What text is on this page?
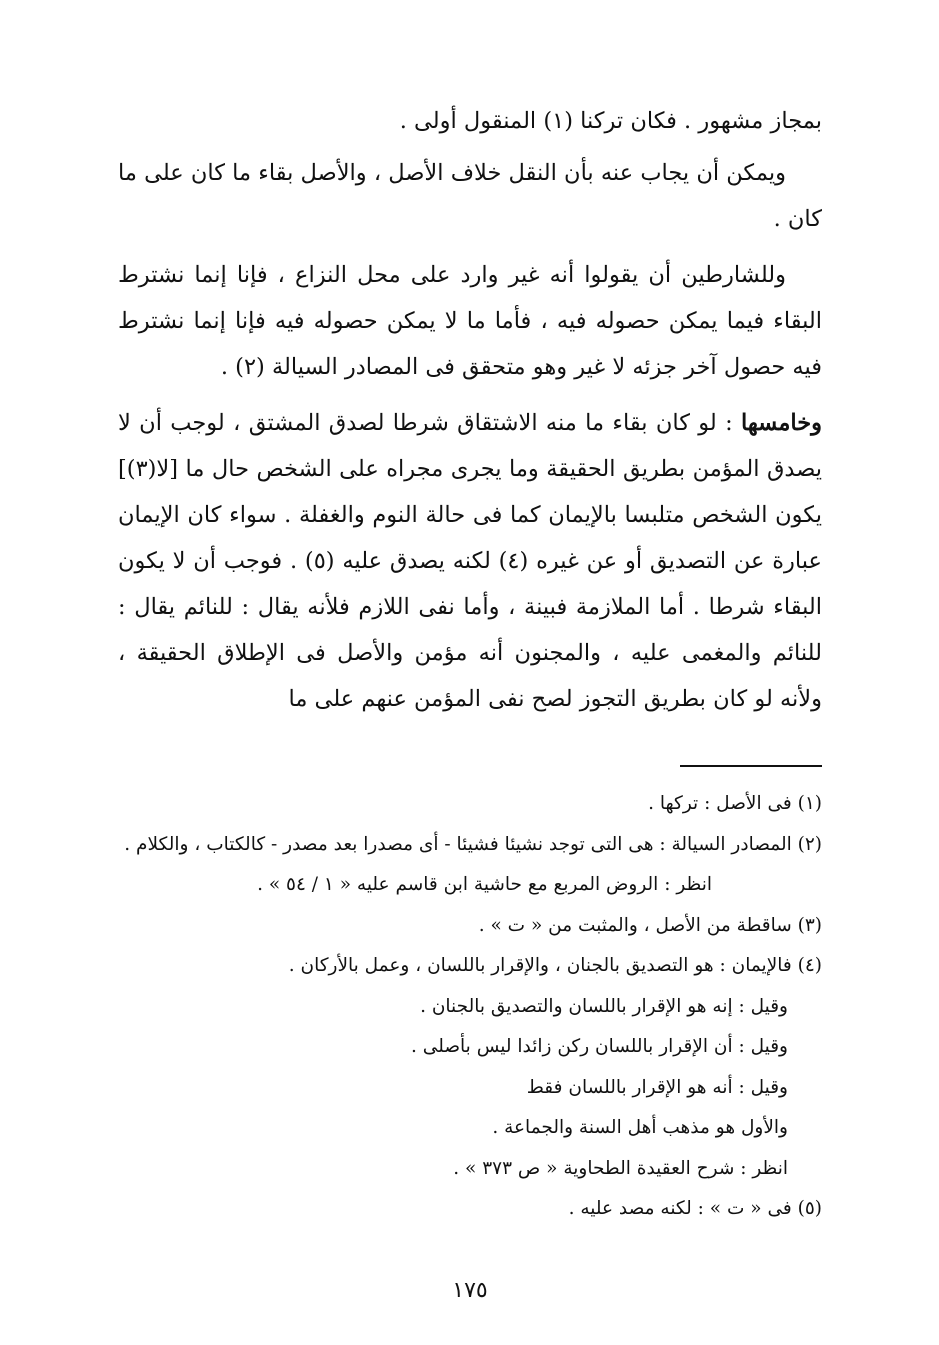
بمجاز مشهور . فكان تركنا (١) المنقول أولى .

ويمكن أن يجاب عنه بأن النقل خلاف الأصل ، والأصل بقاء ما كان على ما كان .

وللشارطين أن يقولوا أنه غير وارد على محل النزاع ، فإنا إنما نشترط البقاء فيما يمكن حصوله فيه ، فأما ما لا يمكن حصوله فيه فإنا إنما نشترط فيه حصول آخر جزئه لا غير وهو متحقق فى المصادر السيالة (٢) .

وخامسها : لو كان بقاء ما منه الاشتقاق شرطا لصدق المشتق ، لوجب أن لا يصدق المؤمن بطريق الحقيقة وما يجرى مجراه على الشخص حال ما [لا(٣)] يكون الشخص متلبسا بالإيمان كما فى حالة النوم والغفلة . سواء كان الإيمان عبارة عن التصديق أو عن غيره (٤) لكنه يصدق عليه (٥) . فوجب أن لا يكون البقاء شرطا . أما الملازمة فبينة ، وأما نفى اللازم فلأنه يقال : للنائم يقال : للنائم والمغمى عليه ، والمجنون أنه مؤمن والأصل فى الإطلاق الحقيقة ، ولأنه لو كان بطريق التجوز لصح نفى المؤمن عنهم على ما

(١) فى الأصل : تركها .
(٢) المصادر السيالة : هى التى توجد نشيئا فشيئا - أى مصدرا بعد مصدر - كالكتاب ، والكلام .
انظر : الروض المربع مع حاشية ابن قاسم عليه « ١ / ٥٤ » .
(٣) ساقطة من الأصل ، والمثبت من « ت » .
(٤) فالإيمان : هو التصديق بالجنان ، والإقرار باللسان ، وعمل بالأركان .
وقيل : إنه هو الإقرار باللسان والتصديق بالجنان .
وقيل : أن الإقرار باللسان ركن زائدا ليس بأصلى .
وقيل : أنه هو الإقرار باللسان فقط
والأول هو مذهب أهل السنة والجماعة .
انظر : شرح العقيدة الطحاوية « ص ٣٧٣ » .
(٥) فى « ت » : لكنه مصد عليه .
١٧٥
